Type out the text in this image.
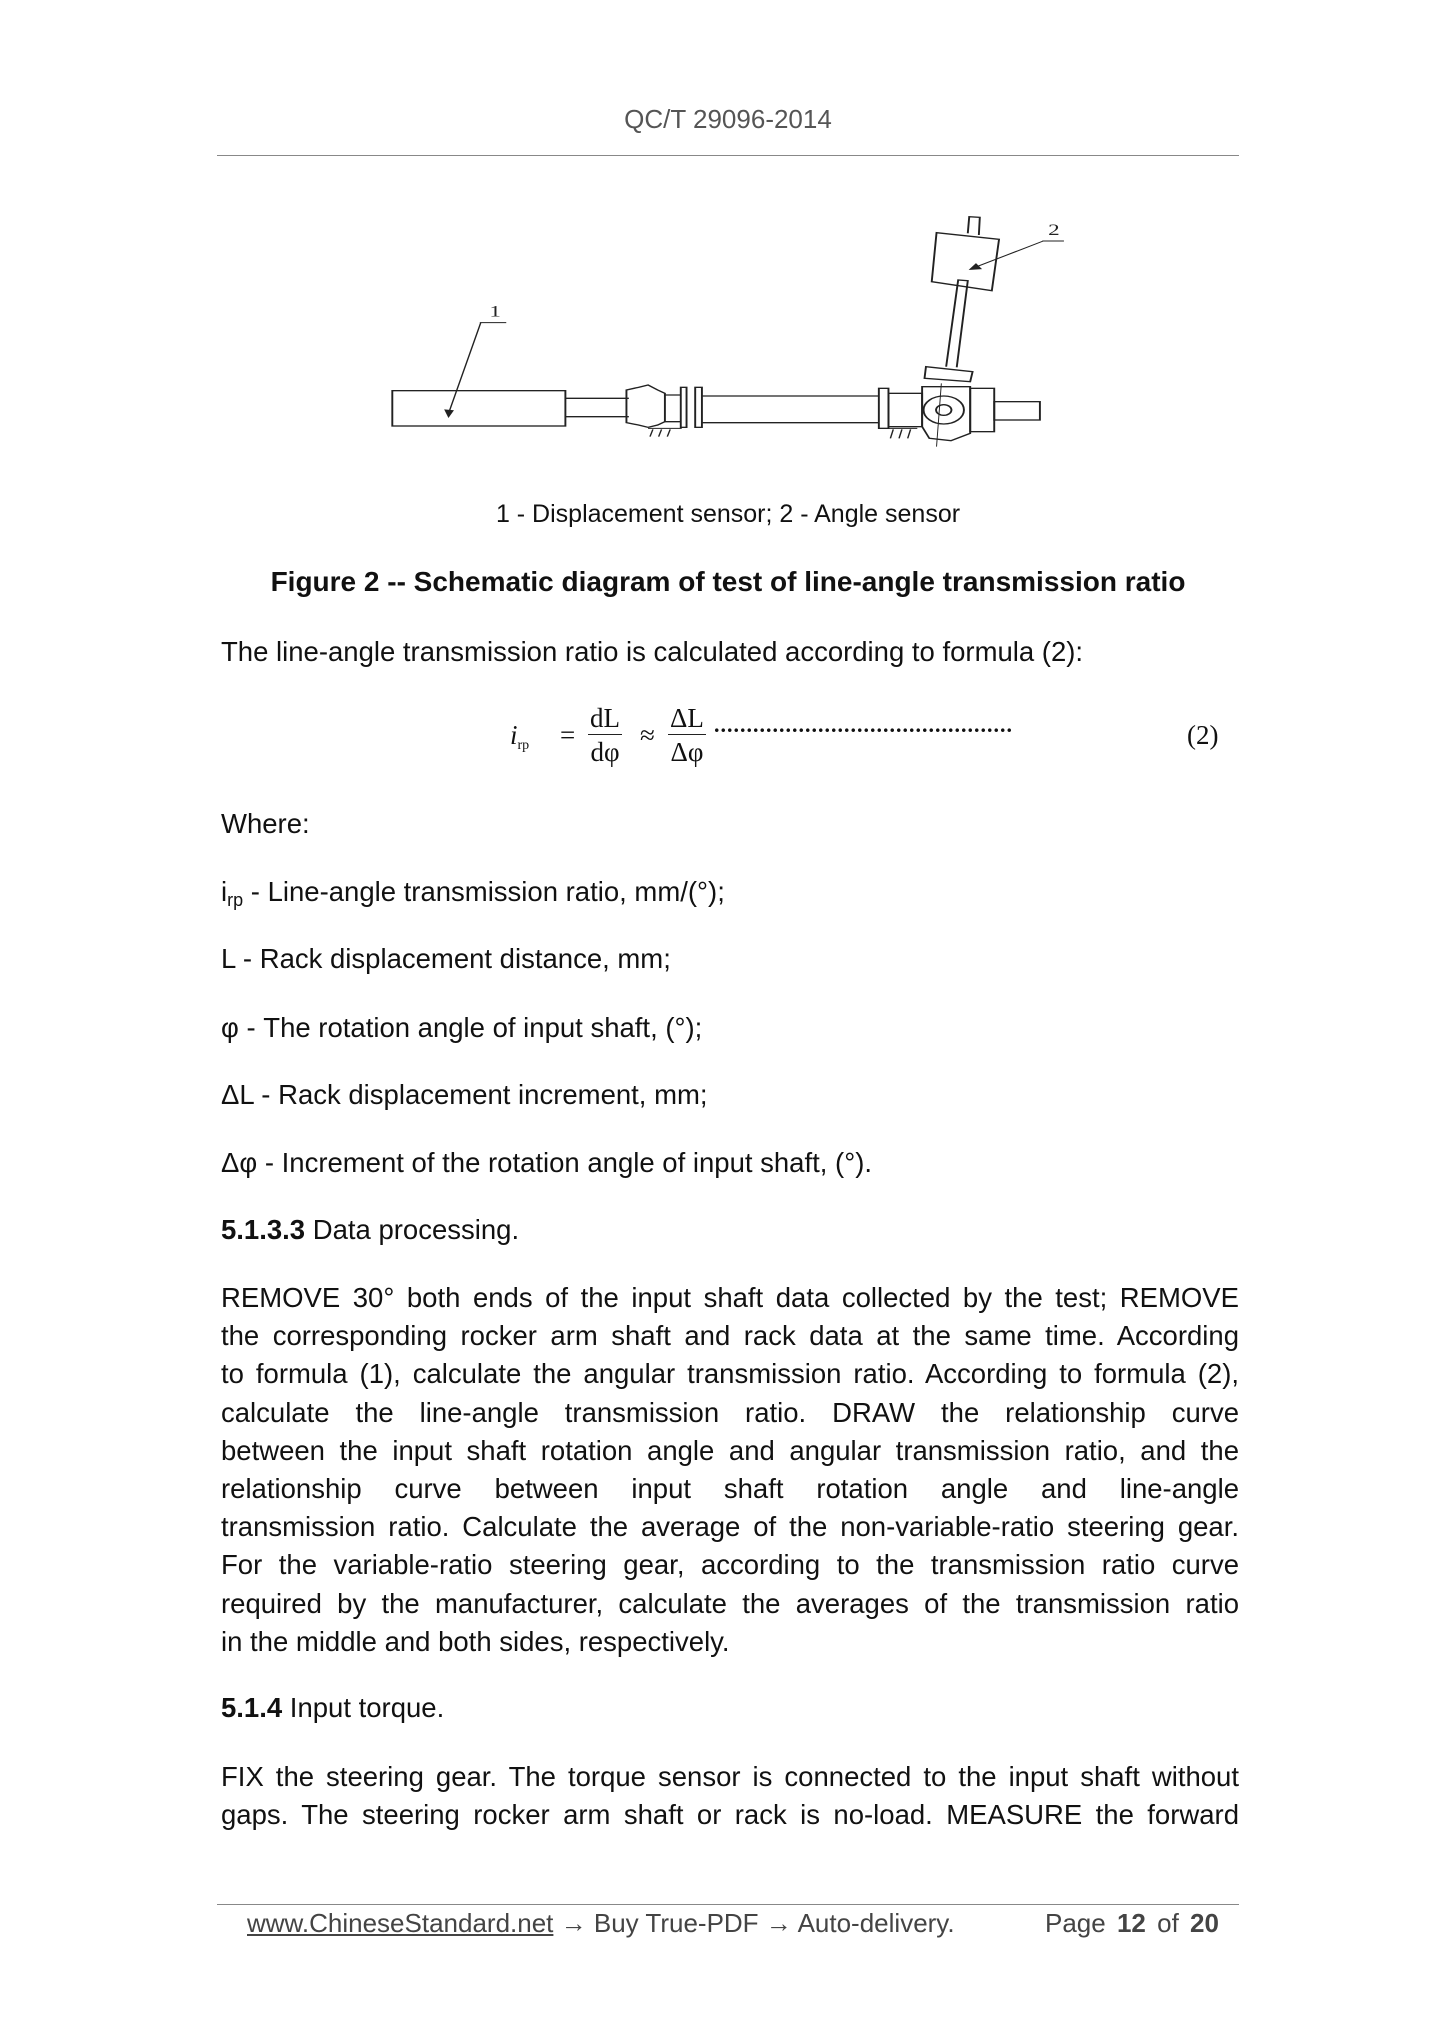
QC/T 29096-2014
1
2
1 - Displacement sensor; 2 - Angle sensor
Figure 2 -- Schematic diagram of test of line-angle transmission ratio
The line-angle transmission ratio is calculated according to formula (2):
$i_{rp} = \frac{dL}{d\varphi} \approx \frac{\Delta L}{\Delta\varphi}$ ..............................................	(2)
Where:
$i_{rp}$ - Line-angle transmission ratio, mm/(°);
L - Rack displacement distance, mm;
φ - The rotation angle of input shaft, (°);
ΔL - Rack displacement increment, mm;
Δφ - Increment of the rotation angle of input shaft, (°).
5.1.3.3 Data processing.
REMOVE 30° both ends of the input shaft data collected by the test; REMOVE
the corresponding rocker arm shaft and rack data at the same time. According
to formula (1), calculate the angular transmission ratio. According to formula (2),
calculate the line-angle transmission ratio. DRAW the relationship curve
between the input shaft rotation angle and angular transmission ratio, and the
relationship curve between input shaft rotation angle and line-angle
transmission ratio. Calculate the average of the non-variable-ratio steering gear.
For the variable-ratio steering gear, according to the transmission ratio curve
required by the manufacturer, calculate the averages of the transmission ratio
in the middle and both sides, respectively.
5.1.4 Input torque.
FIX the steering gear. The torque sensor is connected to the input shaft without
gaps. The steering rocker arm shaft or rack is no-load. MEASURE the forward
www.ChineseStandard.net → Buy True-PDF → Auto-delivery.	Page 12 of 20
